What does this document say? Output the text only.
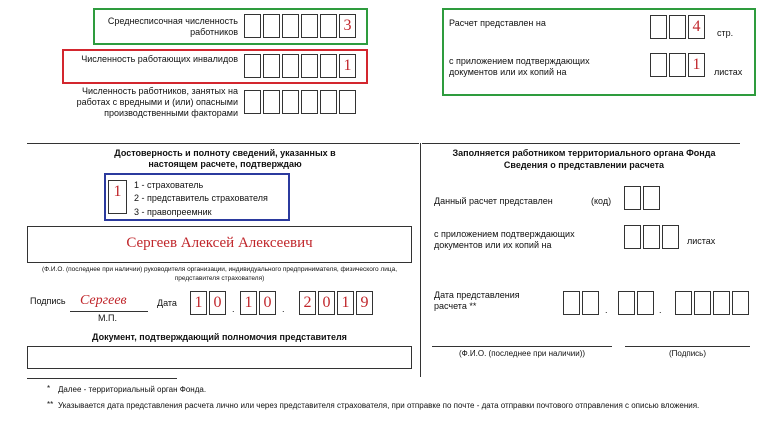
Среднесписочная численность работников	3
Численность работающих инвалидов	1
Численность работников, занятых на работах с вредными и (или) опасными производственными факторами
Расчет представлен на	4	стр.
с приложением подтверждающих документов или их копий на	1	листах
Достоверность и полноту сведений, указанных в настоящем расчете, подтверждаю
1	1 - страхователь
2 - представитель страхователя
3 - правопреемник
Сергеев Алексей Алексеевич
(Ф.И.О. (последнее при наличии) руководителя организации, индивидуального предпринимателя, физического лица, представителя страхователя)
Подпись Сергеев
М.П.
Дата 1 0	. 1 0	. 2 0 1 9
Документ, подтверждающий полномочия представителя
Заполняется работником территориального органа Фонда
Сведения о представлении расчета
Данный расчет представлен	(код)
с приложением подтверждающих документов или их копий на	листах
Дата представления расчета **	.	.
(Ф.И.О. (последнее при наличии))	(Подпись)
* Далее - территориальный орган Фонда.
** Указывается дата представления расчета лично или через представителя страхователя, при отправке по почте - дата отправки почтового отправления с описью вложения.
